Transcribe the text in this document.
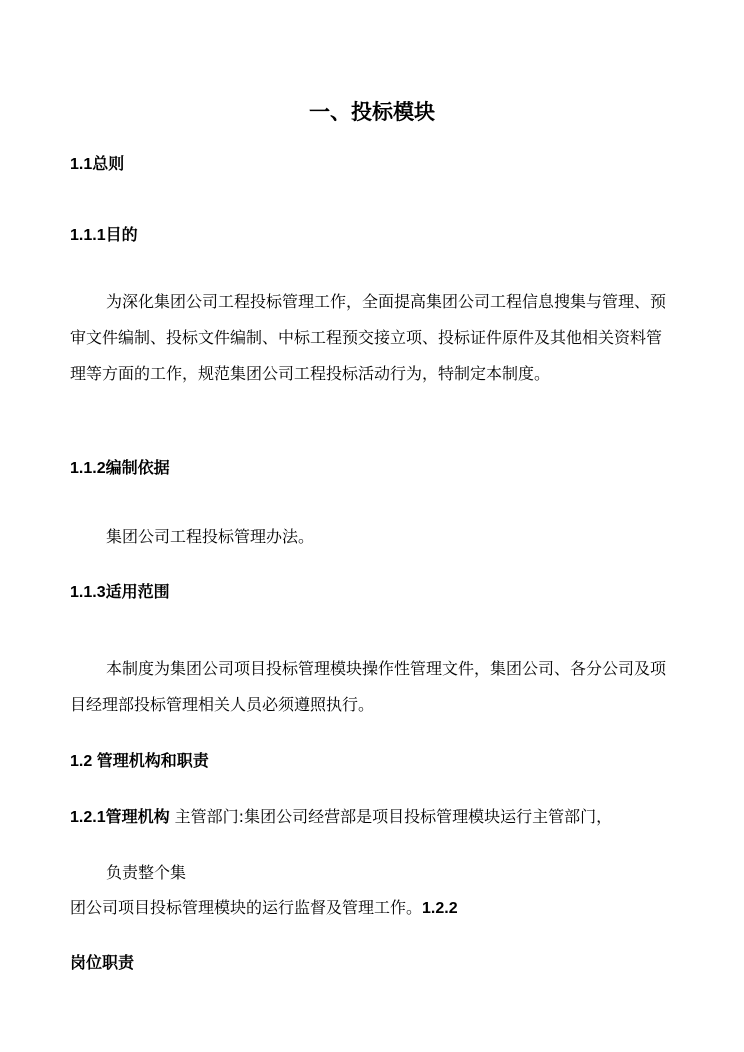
一、投标模块
1.1总则
1.1.1目的
为深化集团公司工程投标管理工作，全面提高集团公司工程信息搜集与管理、预审文件编制、投标文件编制、中标工程预交接立项、投标证件原件及其他相关资料管理等方面的工作，规范集团公司工程投标活动行为，特制定本制度。
1.1.2编制依据
集团公司工程投标管理办法。
1.1.3适用范围
本制度为集团公司项目投标管理模块操作性管理文件，集团公司、各分公司及项目经理部投标管理相关人员必须遵照执行。
1.2 管理机构和职责
1.2.1管理机构 主管部门:集团公司经营部是项目投标管理模块运行主管部门，
负责整个集
团公司项目投标管理模块的运行监督及管理工作。1.2.2
岗位职责
